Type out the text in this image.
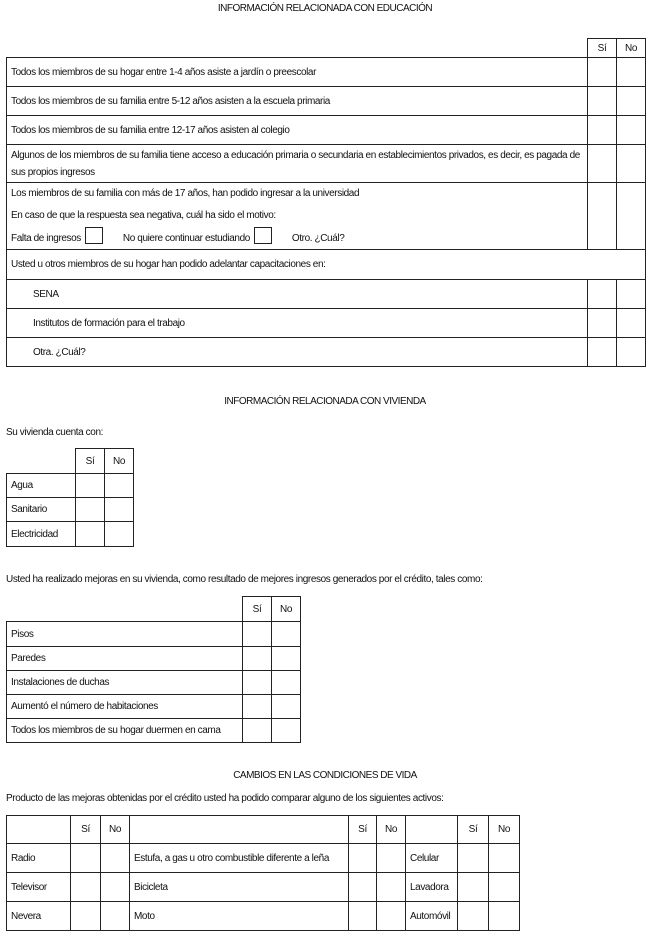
INFORMACIÓN RELACIONADA CON EDUCACIÓN
	Sí	No
Todos los miembros de su hogar entre 1-4 años asiste a jardín o preescolar		
Todos los miembros de su familia entre 5-12 años asisten a la escuela primaria		
Todos los miembros de su familia entre 12-17 años asisten al colegio		
Algunos de los miembros de su familia tiene acceso a educación primaria o secundaria en establecimientos privados, es decir, es pagada de sus propios ingresos		

Los miembros de su familia con más de 17 años, han podido ingresar a la universidad
En caso de que la respuesta sea negativa, cuál ha sido el motivo:
Falta de ingresos No quiere continuar estudiando Otro. ¿Cuál?		

Usted u otros miembros de su hogar han podido adelantar capacitaciones en:		
SENA		
Institutos de formación para el trabajo		
Otra. ¿Cuál?		
INFORMACIÓN RELACIONADA CON VIVIENDA
Su vivienda cuenta con:
	Sí	No
Agua		
Sanitario		
Electricidad		
Usted ha realizado mejoras en su vivienda, como resultado de mejores ingresos generados por el crédito, tales como:
	Sí	No
Pisos		
Paredes		
Instalaciones de duchas		
Aumentó el número de habitaciones		
Todos los miembros de su hogar duermen en cama		
CAMBIOS EN LAS CONDICIONES DE VIDA
Producto de las mejoras obtenidas por el crédito usted ha podido comparar alguno de los siguientes activos:
	Sí	No		Sí	No		Sí	No
Radio			Estufa, a gas u otro combustible diferente a leña			Celular		
Televisor			Bicicleta			Lavadora		
Nevera			Moto			Automóvil		
